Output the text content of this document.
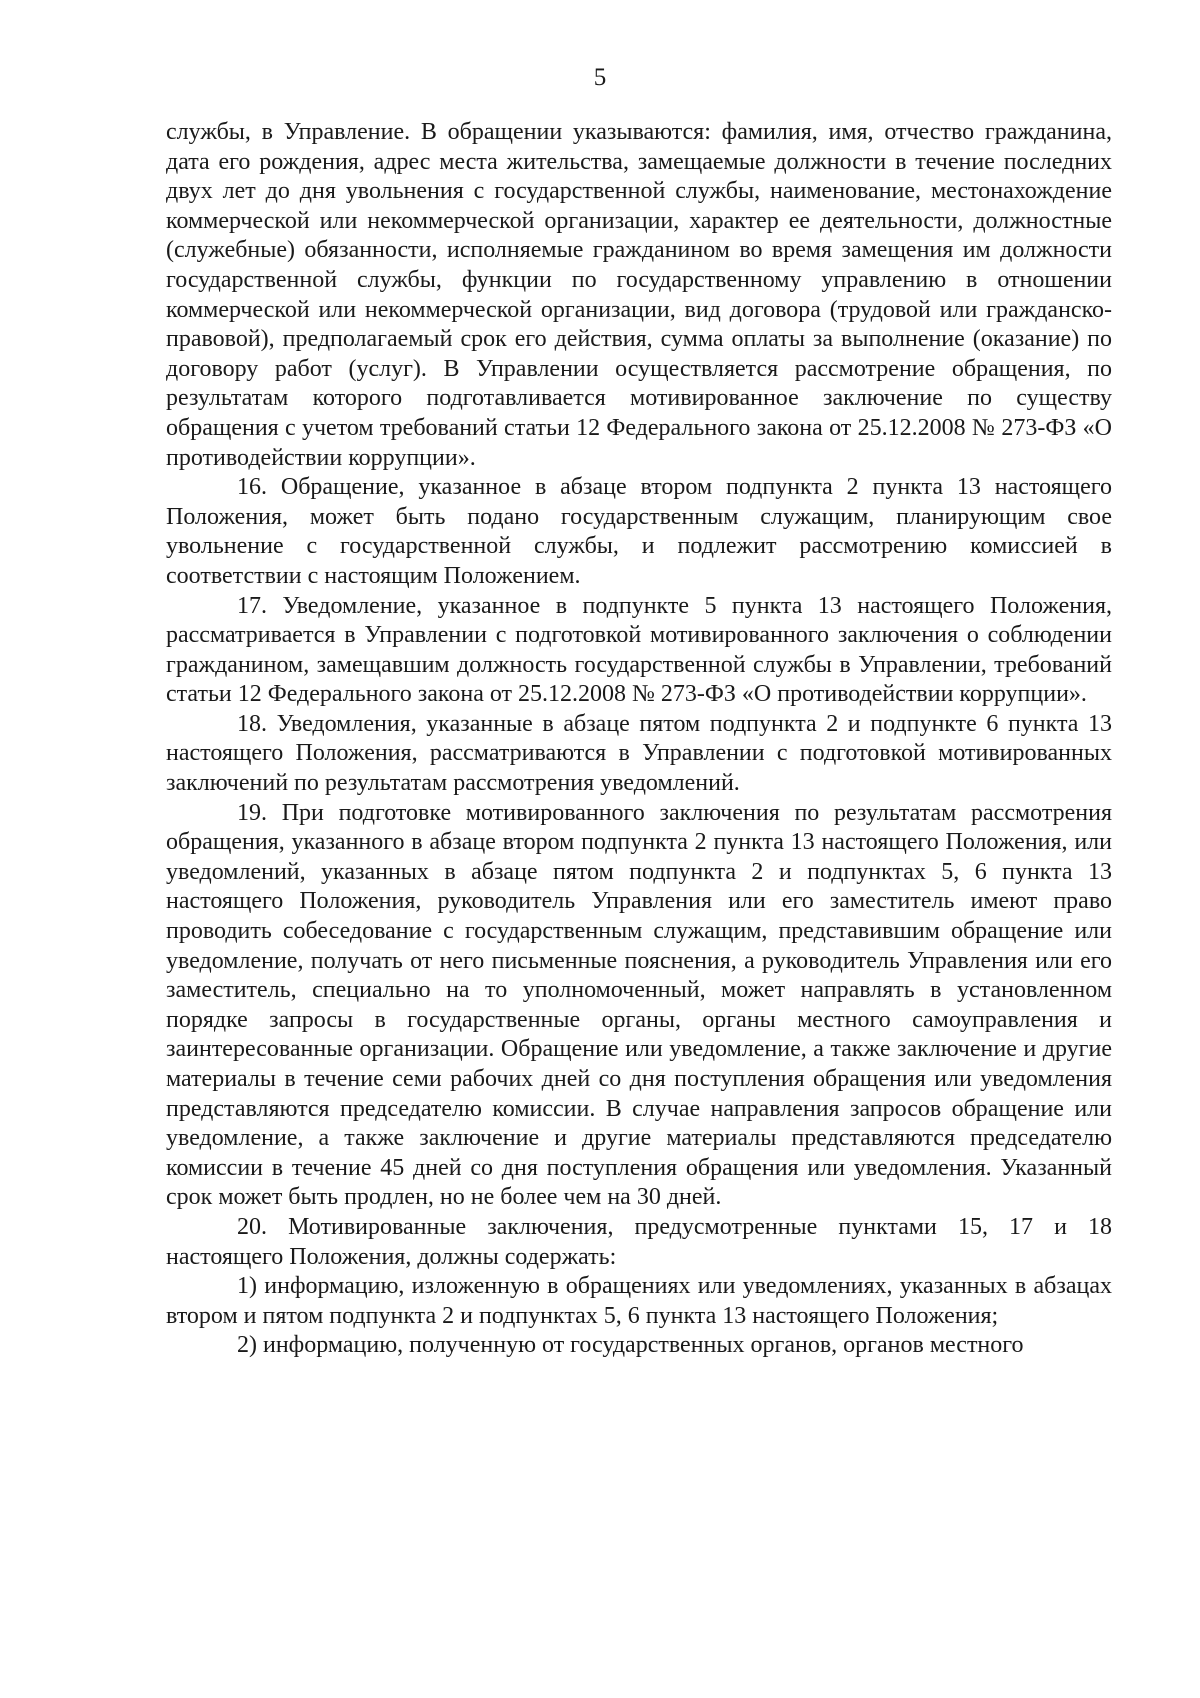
5

службы, в Управление. В обращении указываются: фамилия, имя, отчество гражданина, дата его рождения, адрес места жительства, замещаемые должности в течение последних двух лет до дня увольнения с государственной службы, наименование, местонахождение коммерческой или некоммерческой организации, характер ее деятельности, должностные (служебные) обязанности, исполняемые гражданином во время замещения им должности государственной службы, функции по государственному управлению в отношении коммерческой или некоммерческой организации, вид договора (трудовой или гражданско-правовой), предполагаемый срок его действия, сумма оплаты за выполнение (оказание) по договору работ (услуг). В Управлении осуществляется рассмотрение обращения, по результатам которого подготавливается мотивированное заключение по существу обращения с учетом требований статьи 12 Федерального закона от 25.12.2008 № 273-ФЗ «О противодействии коррупции».

16. Обращение, указанное в абзаце втором подпункта 2 пункта 13 настоящего Положения, может быть подано государственным служащим, планирующим свое увольнение с государственной службы, и подлежит рассмотрению комиссией в соответствии с настоящим Положением.

17. Уведомление, указанное в подпункте 5 пункта 13 настоящего Положения, рассматривается в Управлении с подготовкой мотивированного заключения о соблюдении гражданином, замещавшим должность государственной службы в Управлении, требований статьи 12 Федерального закона от 25.12.2008 № 273-ФЗ «О противодействии коррупции».

18. Уведомления, указанные в абзаце пятом подпункта 2 и подпункте 6 пункта 13 настоящего Положения, рассматриваются в Управлении с подготовкой мотивированных заключений по результатам рассмотрения уведомлений.

19. При подготовке мотивированного заключения по результатам рассмотрения обращения, указанного в абзаце втором подпункта 2 пункта 13 настоящего Положения, или уведомлений, указанных в абзаце пятом подпункта 2 и подпунктах 5, 6 пункта 13 настоящего Положения, руководитель Управления или его заместитель имеют право проводить собеседование с государственным служащим, представившим обращение или уведомление, получать от него письменные пояснения, а руководитель Управления или его заместитель, специально на то уполномоченный, может направлять в установленном порядке запросы в государственные органы, органы местного самоуправления и заинтересованные организации. Обращение или уведомление, а также заключение и другие материалы в течение семи рабочих дней со дня поступления обращения или уведомления представляются председателю комиссии. В случае направления запросов обращение или уведомление, а также заключение и другие материалы представляются председателю комиссии в течение 45 дней со дня поступления обращения или уведомления. Указанный срок может быть продлен, но не более чем на 30 дней.

20. Мотивированные заключения, предусмотренные пунктами 15, 17 и 18 настоящего Положения, должны содержать:

1) информацию, изложенную в обращениях или уведомлениях, указанных в абзацах втором и пятом подпункта 2 и подпунктах 5, 6 пункта 13 настоящего Положения;

2) информацию, полученную от государственных органов, органов местного
